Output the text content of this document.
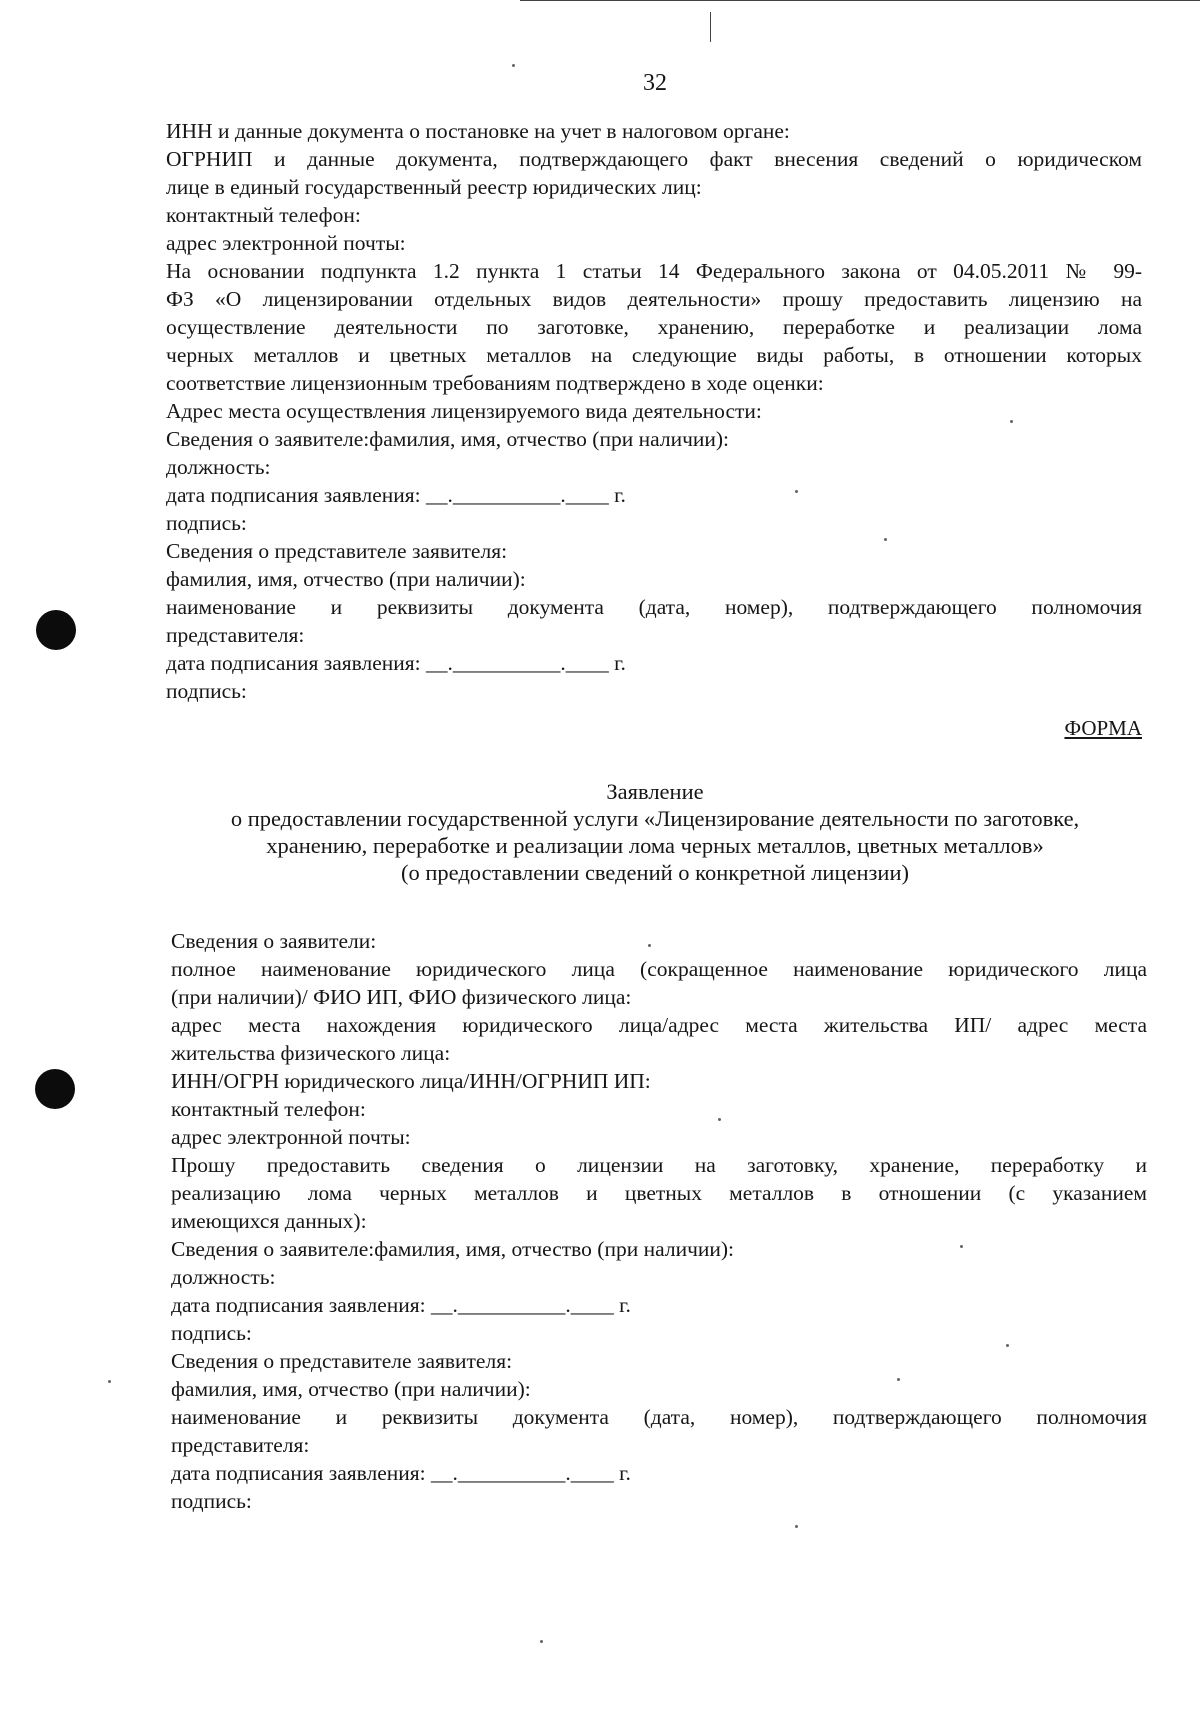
32
ИНН и данные документа о постановке на учет в налоговом органе:
ОГРНИП и данные документа, подтверждающего факт внесения сведений о юридическом
лице в единый государственный реестр юридических лиц:
контактный телефон:
адрес электронной почты:
На основании подпункта 1.2 пункта 1 статьи 14 Федерального закона от 04.05.2011 № 99-
ФЗ «О лицензировании отдельных видов деятельности» прошу предоставить лицензию на
осуществление деятельности по заготовке, хранению, переработке и реализации лома
черных металлов и цветных металлов на следующие виды работы, в отношении которых
соответствие лицензионным требованиям подтверждено в ходе оценки:
Адрес места осуществления лицензируемого вида деятельности:
Сведения о заявителе:фамилия, имя, отчество (при наличии):
должность:
дата подписания заявления: __.__________.____ г.
подпись:
Сведения о представителе заявителя:
фамилия, имя, отчество (при наличии):
наименование и реквизиты документа (дата, номер), подтверждающего полномочия
представителя:
дата подписания заявления: __.__________.____ г.
подпись:
ФОРМА
Заявление
о предоставлении государственной услуги «Лицензирование деятельности по заготовке,
хранению, переработке и реализации лома черных металлов, цветных металлов»
(о предоставлении сведений о конкретной лицензии)
Сведения о заявители:
полное наименование юридического лица (сокращенное наименование юридического лица
(при наличии)/ ФИО ИП, ФИО физического лица:
адрес места нахождения юридического лица/адрес места жительства ИП/ адрес места
жительства физического лица:
ИНН/ОГРН юридического лица/ИНН/ОГРНИП ИП:
контактный телефон:
адрес электронной почты:
Прошу предоставить сведения о лицензии на заготовку, хранение, переработку и
реализацию лома черных металлов и цветных металлов в отношении (с указанием
имеющихся данных):
Сведения о заявителе:фамилия, имя, отчество (при наличии):
должность:
дата подписания заявления: __.__________.____ г.
подпись:
Сведения о представителе заявителя:
фамилия, имя, отчество (при наличии):
наименование и реквизиты документа (дата, номер), подтверждающего полномочия
представителя:
дата подписания заявления: __.__________.____ г.
подпись:
